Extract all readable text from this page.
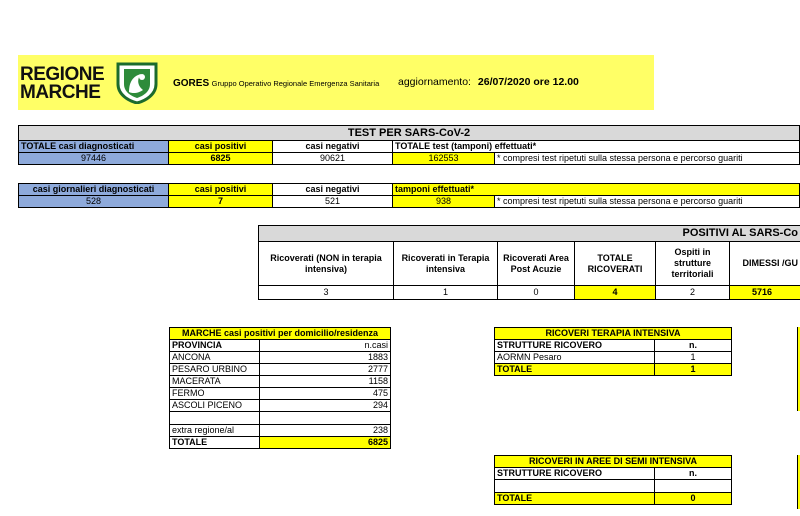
REGIONE
MARCHE	GORES Gruppo Operativo Regionale Emergenza Sanitaria aggiornamento: 26/07/2020 ore 12.00
TEST PER SARS-CoV-2				
TOTALE casi diagnosticati	casi positivi	casi negativi	TOTALE test (tamponi) effettuati*	
97446	6825	90621	162553	* compresi test ripetuti sulla stessa persona e percorso guariti
casi giornalieri diagnosticati	casi positivi	casi negativi	tamponi effettuati*	
528	7	521	938	* compresi test ripetuti sulla stessa persona e percorso guariti
POSITIVI AL SARS-Co					
Ricoverati (NON in terapia intensiva)	Ricoverati in Terapia intensiva	Ricoverati Area Post Acuzie	TOTALE RICOVERATI	Ospiti in strutture territoriali	DIMESSI /GU
3	1	0	4	2	5716
MARCHE casi positivi per domicilio/residenza	
PROVINCIA	n.casi
ANCONA	1883
PESARO URBINO	2777
MACERATA	1158
FERMO	475
ASCOLI PICENO	294

extra regione/al	238
TOTALE	6825
RICOVERI TERAPIA INTENSIVA	
STRUTTURE RICOVERO	n.
AORMN Pesaro	1
TOTALE	1
RICOVERI IN AREE DI SEMI INTENSIVA	
STRUTTURE RICOVERO	n.

TOTALE	0
